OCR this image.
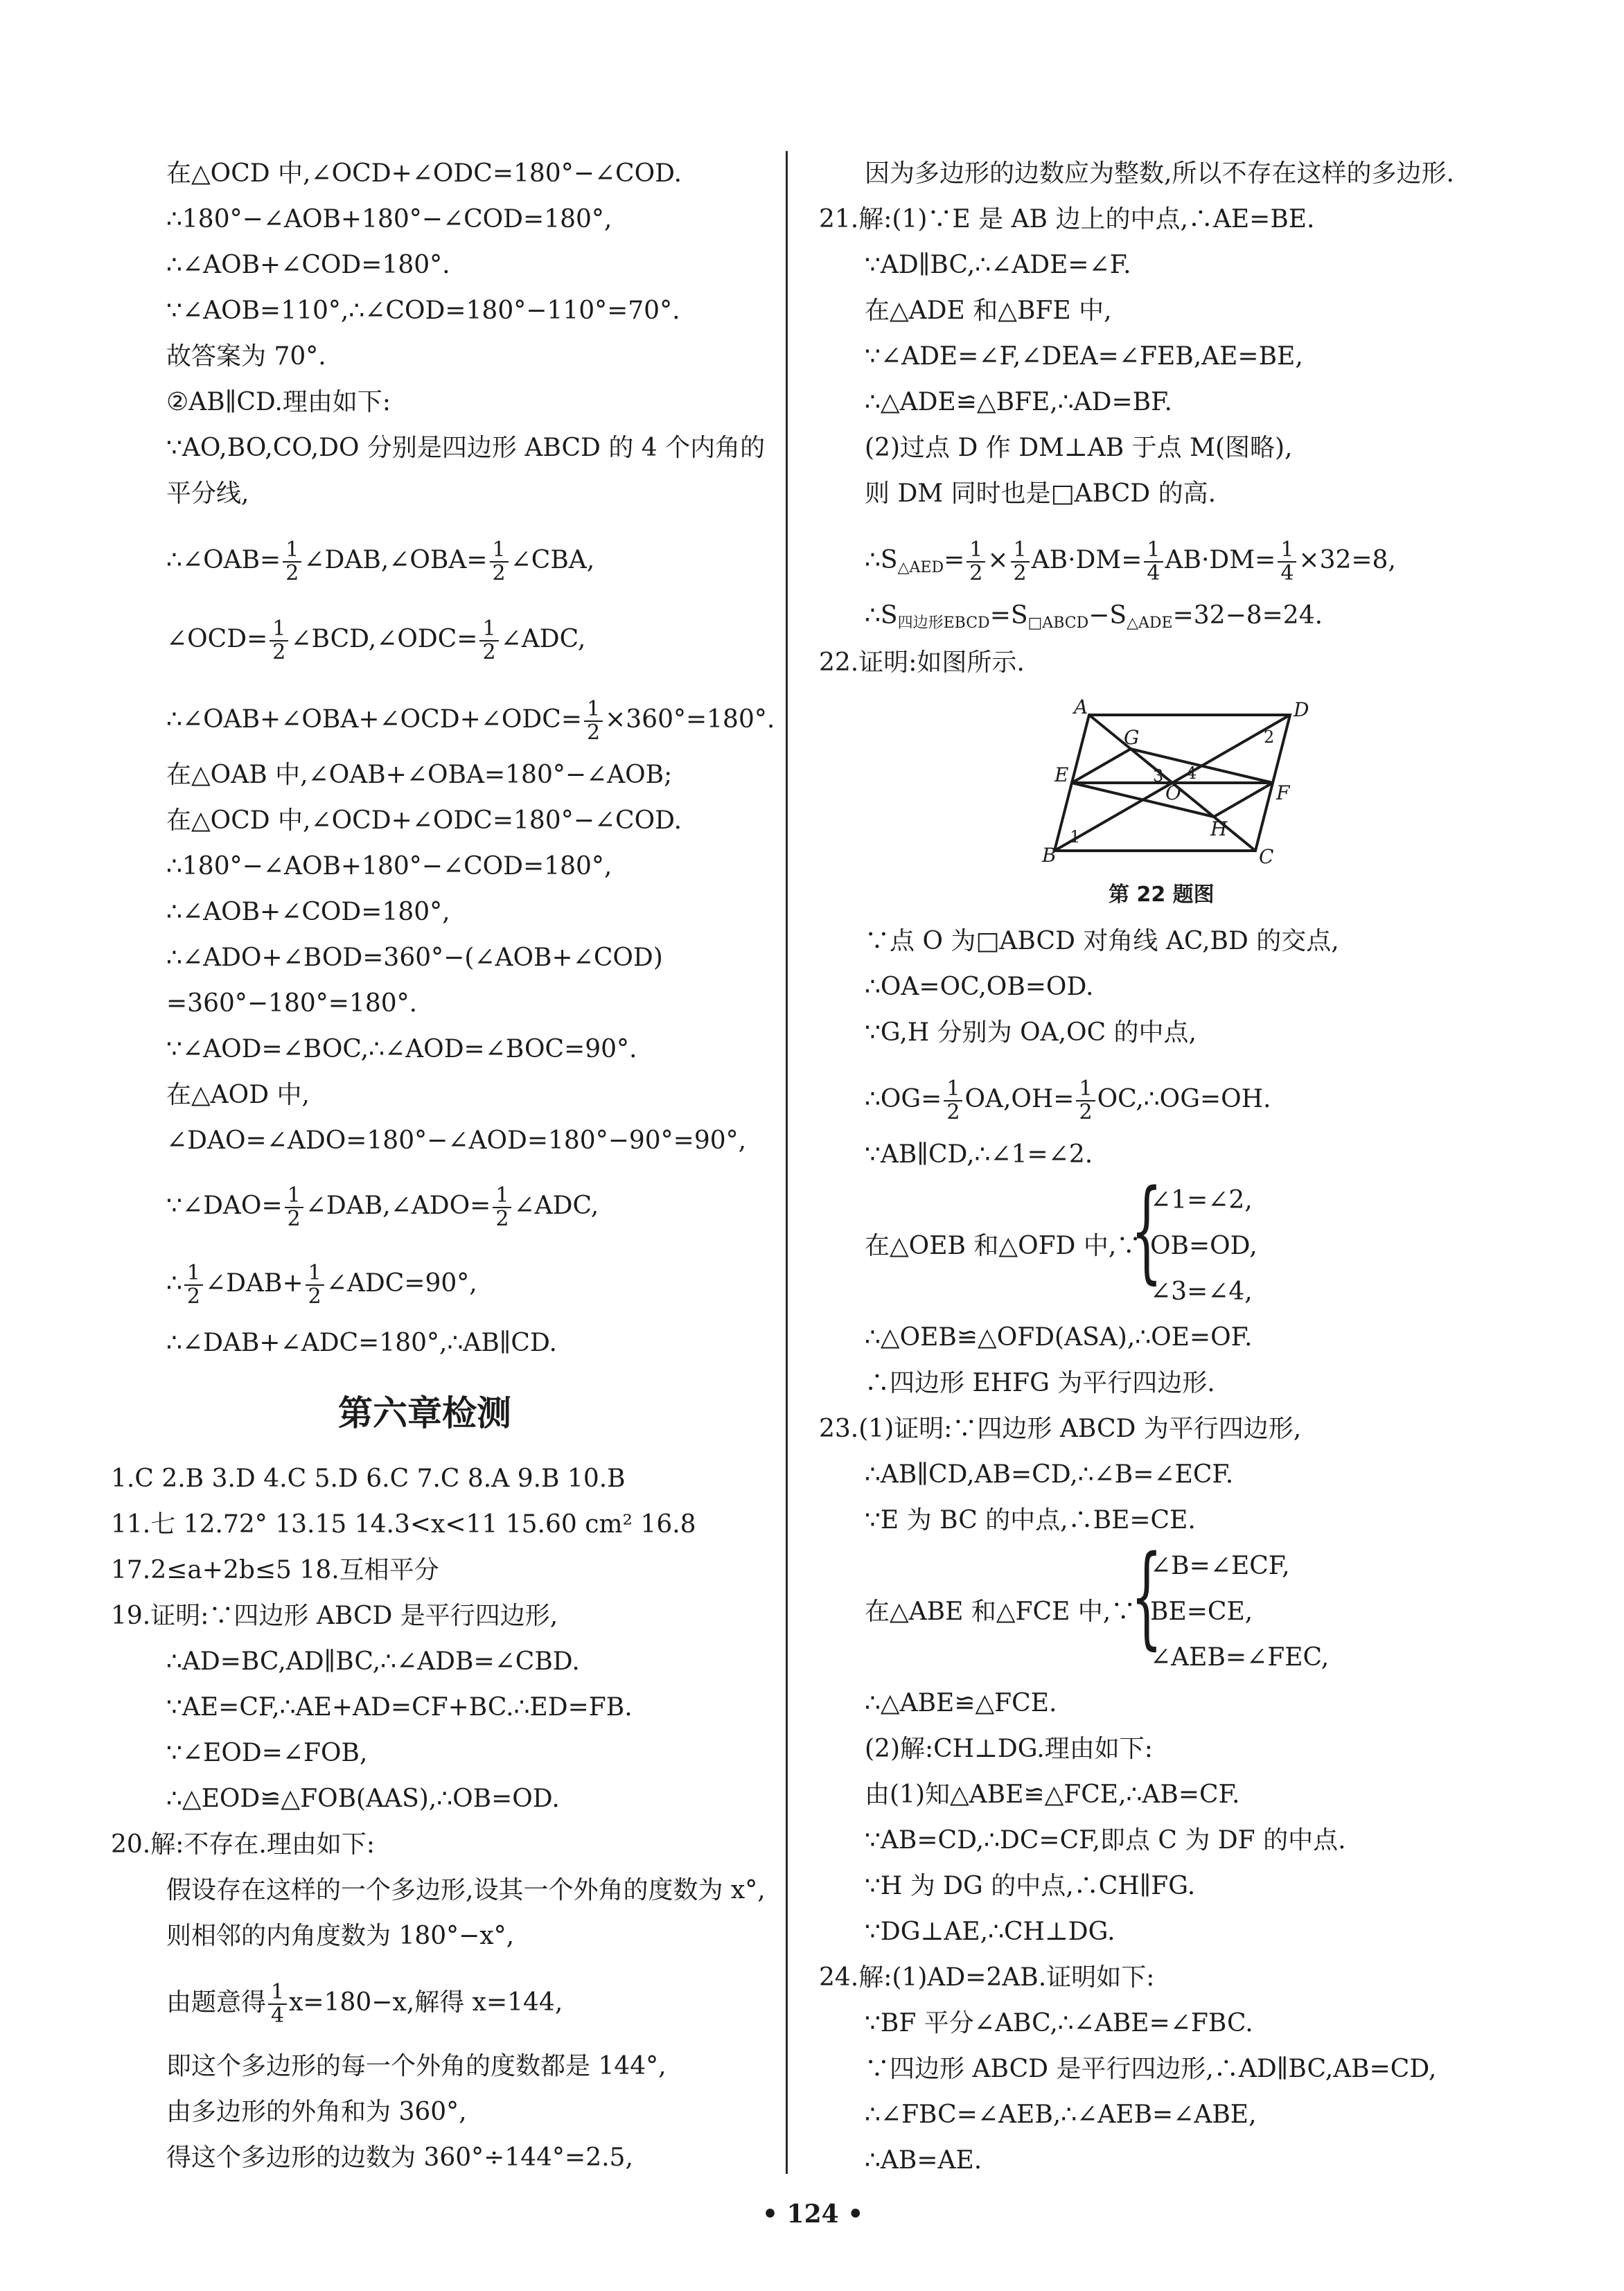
在△OCD 中,∠OCD+∠ODC=180°−∠COD.
∴180°−∠AOB+180°−∠COD=180°,
∴∠AOB+∠COD=180°.
∵∠AOB=110°,∴∠COD=180°−110°=70°.
故答案为 70°.
②AB∥CD.理由如下:
∵AO,BO,CO,DO 分别是四边形 ABCD 的 4 个内角的
平分线,
∴∠OAB= $\frac{1}{2}$ ∠DAB,∠OBA= $\frac{1}{2}$ ∠CBA,
∠OCD= $\frac{1}{2}$ ∠BCD,∠ODC= $\frac{1}{2}$ ∠ADC,
∴∠OAB+∠OBA+∠OCD+∠ODC= $\frac{1}{2} \times 360^\circ=180^\circ$.
在△OAB 中,∠OAB+∠OBA=180°−∠AOB;
在△OCD 中,∠OCD+∠ODC=180°−∠COD.
∴180°−∠AOB+180°−∠COD=180°,
∴∠AOB+∠COD=180°,
∴∠ADO+∠BOD=360°−(∠AOB+∠COD)
=360°−180°=180°.
∵∠AOD=∠BOC,∴∠AOD=∠BOC=90°.
在△AOD 中,
∠DAO=∠ADO=180°−∠AOD=180°−90°=90°,
∵∠DAO= $\frac{1}{2}$ ∠DAB,∠ADO= $\frac{1}{2}$ ∠ADC,
∴ $\frac{1}{2}$ ∠DAB+ $\frac{1}{2}$ ∠ADC=90°,
∴∠DAB+∠ADC=180°,∴AB∥CD.
第六章检测
1.C 2.B 3.D 4.C 5.D 6.C 7.C 8.A 9.B 10.B
11.七 12.72° 13.15 14.3<x<11 15.60 cm² 16.8
17.2≤a+2b≤5 18.互相平分
19.证明:∵四边形 ABCD 是平行四边形,
∴AD=BC,AD∥BC,∴∠ADB=∠CBD.
∵AE=CF,∴AE+AD=CF+BC.∴ED=FB.
∵∠EOD=∠FOB,
∴△EOD≌△FOB(AAS),∴OB=OD.
20.解:不存在.理由如下:
假设存在这样的一个多边形,设其一个外角的度数为 x°,
则相邻的内角度数为 180°−x°,
由题意得 $\frac{1}{4} x=180-x$,解得 x=144,
即这个多边形的每一个外角的度数都是 144°,
由多边形的外角和为 360°,
得这个多边形的边数为 360°÷144°=2.5,
因为多边形的边数应为整数,所以不存在这样的多边形.
21.解:(1)∵E 是 AB 边上的中点,∴AE=BE.
∵AD∥BC,∴∠ADE=∠F.
在△ADE 和△BFE 中,
∵∠ADE=∠F,∠DEA=∠FEB,AE=BE,
∴△ADE≌△BFE,∴AD=BF.
(2)过点 D 作 DM⊥AB 于点 M(图略),
则 DM 同时也是□ABCD 的高.
$\therefore S_{\triangle AED}= \frac{1}{2} \times \frac{1}{2} AB\cdot DM= \frac{1}{4} AB\cdot DM= \frac{1}{4} \times 32=8$,
$\therefore S_{四边形EBCD}=S_{□ABCD}-S_{\triangle ADE}=32-8=24$.
22.证明:如图所示.
A	D
B	C
E
F
G
H
O
1
2
3 4
第 22 题图
∵点 O 为□ABCD 对角线 AC,BD 的交点,
∴OA=OC,OB=OD.
∵G,H 分别为 OA,OC 的中点,
∴OG= $\frac{1}{2} OA,OH= \frac{1}{2}$ OC,∴OG=OH.
∵AB∥CD,∴∠1=∠2.
在△OEB 和△OFD 中,∵
{
∠1=∠2,
OB=OD,
∠3=∠4,
∴△OEB≌△OFD(ASA),∴OE=OF.
∴四边形 EHFG 为平行四边形.
23.(1)证明:∵四边形 ABCD 为平行四边形,
∴AB∥CD,AB=CD,∴∠B=∠ECF.
∵E 为 BC 的中点,∴BE=CE.
在△ABE 和△FCE 中,∵
{
∠B=∠ECF,
BE=CE,
∠AEB=∠FEC,
∴△ABE≌△FCE.
(2)解:CH⊥DG.理由如下:
由(1)知△ABE≌△FCE,∴AB=CF.
∵AB=CD,∴DC=CF,即点 C 为 DF 的中点.
∵H 为 DG 的中点,∴CH∥FG.
∵DG⊥AE,∴CH⊥DG.
24.解:(1)AD=2AB.证明如下:
∵BF 平分∠ABC,∴∠ABE=∠FBC.
∵四边形 ABCD 是平行四边形,∴AD∥BC,AB=CD,
∴∠FBC=∠AEB,∴∠AEB=∠ABE,
∴AB=AE.
• 124 •
